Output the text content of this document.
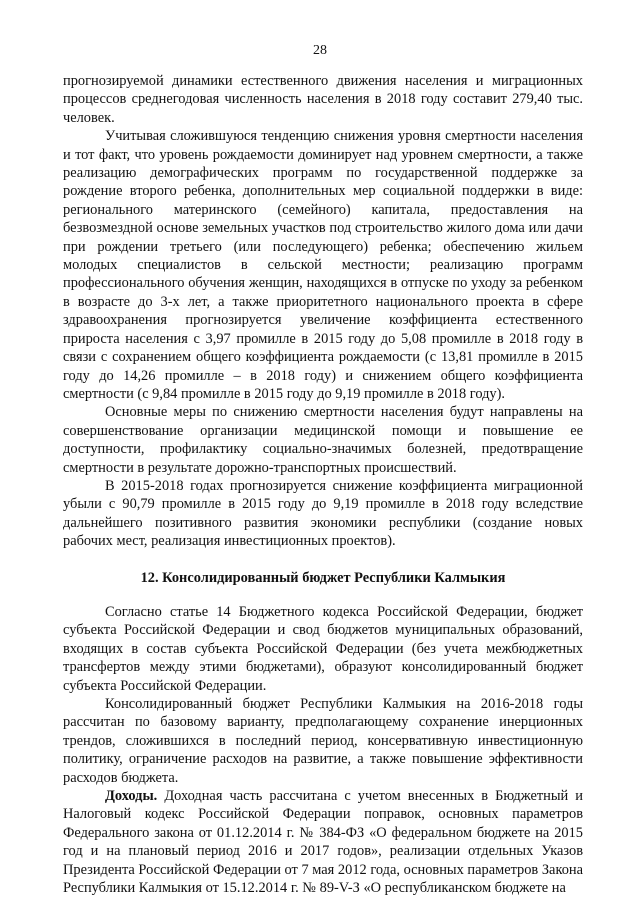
28

прогнозируемой динамики естественного движения населения и миграционных процессов среднегодовая численность населения в 2018 году составит 279,40 тыс. человек.

Учитывая сложившуюся тенденцию снижения уровня смертности населения и тот факт, что уровень рождаемости доминирует над уровнем смертности, а также реализацию демографических программ по государственной поддержке за рождение второго ребенка, дополнительных мер социальной поддержки в виде: регионального материнского (семейного) капитала, предоставления на безвозмездной основе земельных участков под строительство жилого дома или дачи при рождении третьего (или последующего) ребенка; обеспечению жильем молодых специалистов в сельской местности; реализацию программ профессионального обучения женщин, находящихся в отпуске по уходу за ребенком в возрасте до 3-х лет, а также приоритетного национального проекта в сфере здравоохранения прогнозируется увеличение коэффициента естественного прироста населения с 3,97 промилле в 2015 году до 5,08 промилле в 2018 году в связи с сохранением общего коэффициента рождаемости (с 13,81 промилле в 2015 году до 14,26 промилле – в 2018 году) и снижением общего коэффициента смертности (с 9,84 промилле в 2015 году до 9,19 промилле в 2018 году).

Основные меры по снижению смертности населения будут направлены на совершенствование организации медицинской помощи и повышение ее доступности, профилактику социально-значимых болезней, предотвращение смертности в результате дорожно-транспортных происшествий.

В 2015-2018 годах прогнозируется снижение коэффициента миграционной убыли с 90,79 промилле в 2015 году до 9,19 промилле в 2018 году вследствие дальнейшего позитивного развития экономики республики (создание новых рабочих мест, реализация инвестиционных проектов).

12. Консолидированный бюджет Республики Калмыкия

Согласно статье 14 Бюджетного кодекса Российской Федерации, бюджет субъекта Российской Федерации и свод бюджетов муниципальных образований, входящих в состав субъекта Российской Федерации (без учета межбюджетных трансфертов между этими бюджетами), образуют консолидированный бюджет субъекта Российской Федерации.

Консолидированный бюджет Республики Калмыкия на 2016-2018 годы рассчитан по базовому варианту, предполагающему сохранение инерционных трендов, сложившихся в последний период, консервативную инвестиционную политику, ограничение расходов на развитие, а также повышение эффективности расходов бюджета.

Доходы. Доходная часть рассчитана с учетом внесенных в Бюджетный и Налоговый кодекс Российской Федерации поправок, основных параметров Федерального закона от 01.12.2014 г. № 384-ФЗ «О федеральном бюджете на 2015 год и на плановый период 2016 и 2017 годов», реализации отдельных Указов Президента Российской Федерации от 7 мая 2012 года, основных параметров Закона Республики Калмыкия от 15.12.2014 г. № 89-V-З «О республиканском бюджете на
